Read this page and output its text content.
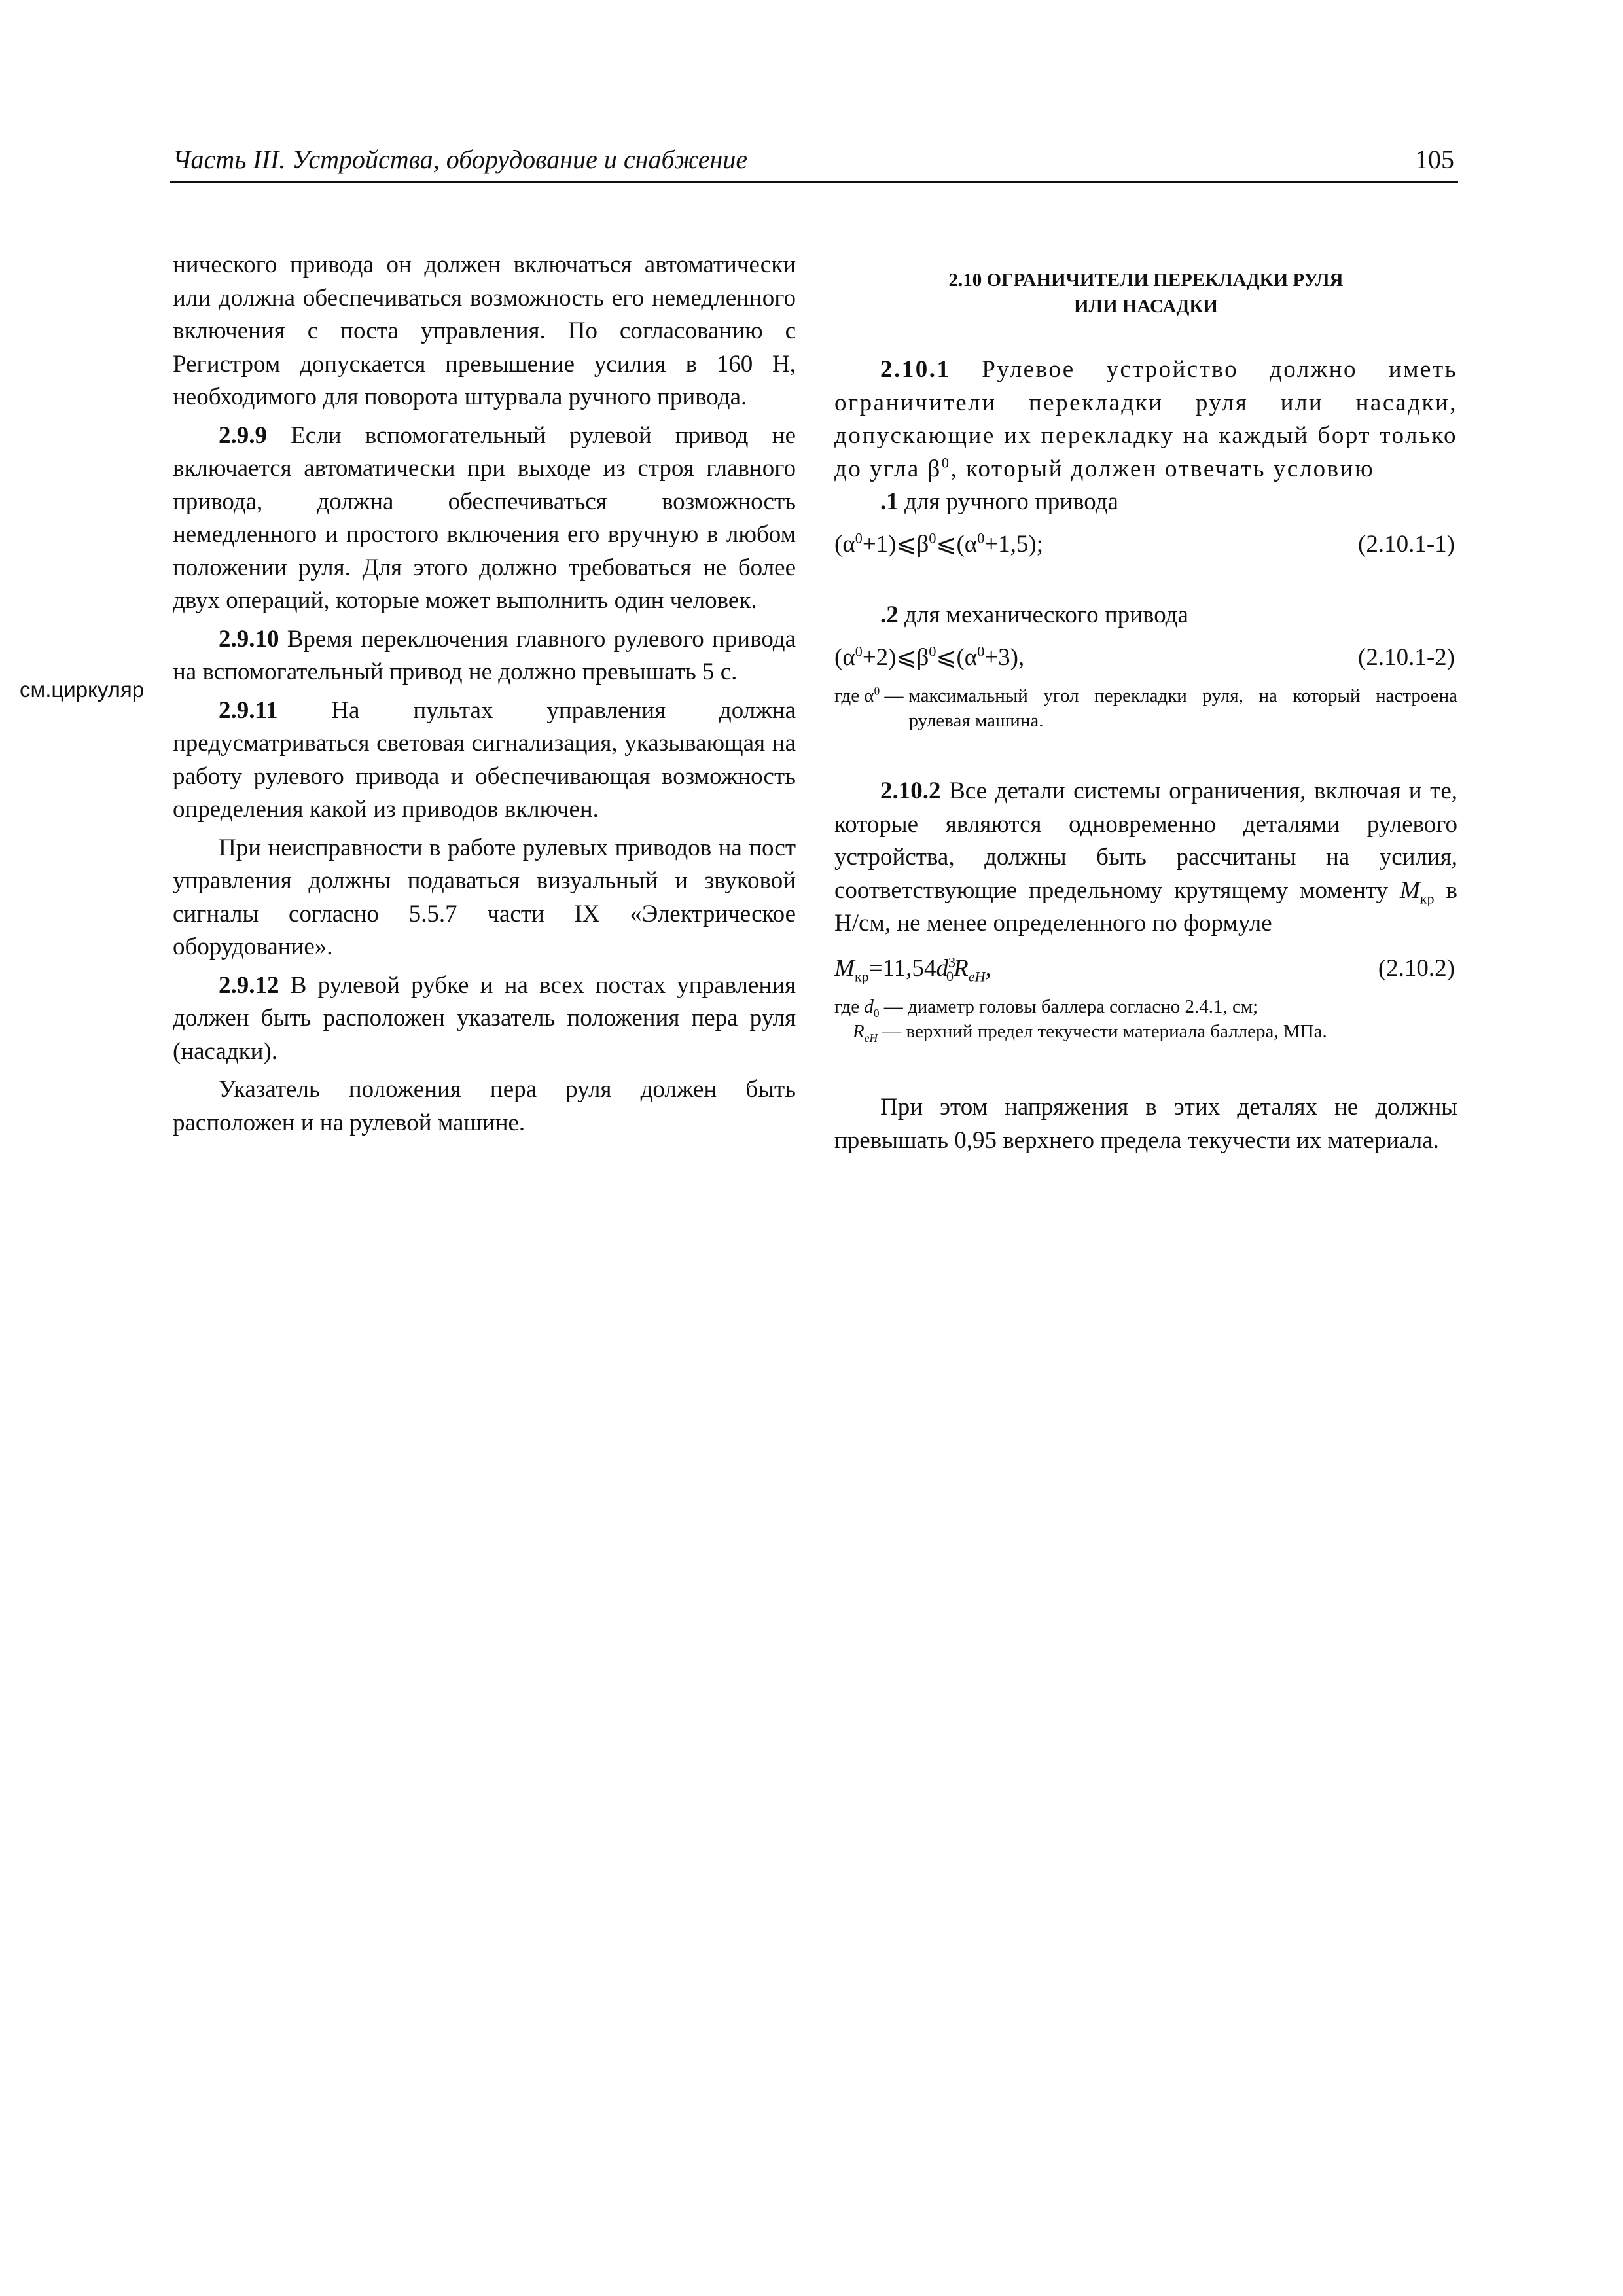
Часть III. Устройства, оборудование и снабжение	105
см.циркуляр

нического привода он должен включаться автоматически или должна обеспечиваться возможность его немедленного включения с поста управления. По согласованию с Регистром допускается превышение усилия в 160 Н, необходимого для поворота штурвала ручного привода.

2.9.9 Если вспомогательный рулевой привод не включается автоматически при выходе из строя главного привода, должна обеспечиваться возможность немедленного и простого включения его вручную в любом положении руля. Для этого должно требоваться не более двух операций, которые может выполнить один человек.

2.9.10 Время переключения главного рулевого привода на вспомогательный привод не должно превышать 5 с.

2.9.11 На пультах управления должна предусматриваться световая сигнализация, указывающая на работу рулевого привода и обеспечивающая возможность определения какой из приводов включен.

При неисправности в работе рулевых приводов на пост управления должны подаваться визуальный и звуковой сигналы согласно 5.5.7 части IX «Электрическое оборудование».

2.9.12 В рулевой рубке и на всех постах управления должен быть расположен указатель положения пера руля (насадки).

Указатель положения пера руля должен быть расположен и на рулевой машине.

2.10 ОГРАНИЧИТЕЛИ ПЕРЕКЛАДКИ РУЛЯ
ИЛИ НАСАДКИ

2.10.1 Рулевое устройство должно иметь ограничители перекладки руля или насадки, допускающие их перекладку на каждый борт только до угла $\beta^0$, который должен отвечать условию

.1 для ручного привода

$(\alpha^0+1)⩽\beta^0⩽(\alpha^0+1,5)$;	(2.10.1-1)

.2 для механического привода

$(\alpha^0+2)⩽\beta^0⩽(\alpha^0+3)$,	(2.10.1-2)
где $\alpha^0$ — максимальный угол перекладки руля, на который настроена рулевая машина.

2.10.2 Все детали системы ограничения, включая и те, которые являются одновременно деталями рулевого устройства, должны быть рассчитаны на усилия, соответствующие предельному крутящему моменту $M_{кр}$ в Н/см, не менее определенного по формуле

$M_{кр}=11,54d^3_0R_{eH}$,	(2.10.2)
где $d_0$ — диаметр головы баллера согласно 2.4.1, см;
$R_{eH}$ — верхний предел текучести материала баллера, МПа.

При этом напряжения в этих деталях не должны превышать 0,95 верхнего предела текучести их материала.
